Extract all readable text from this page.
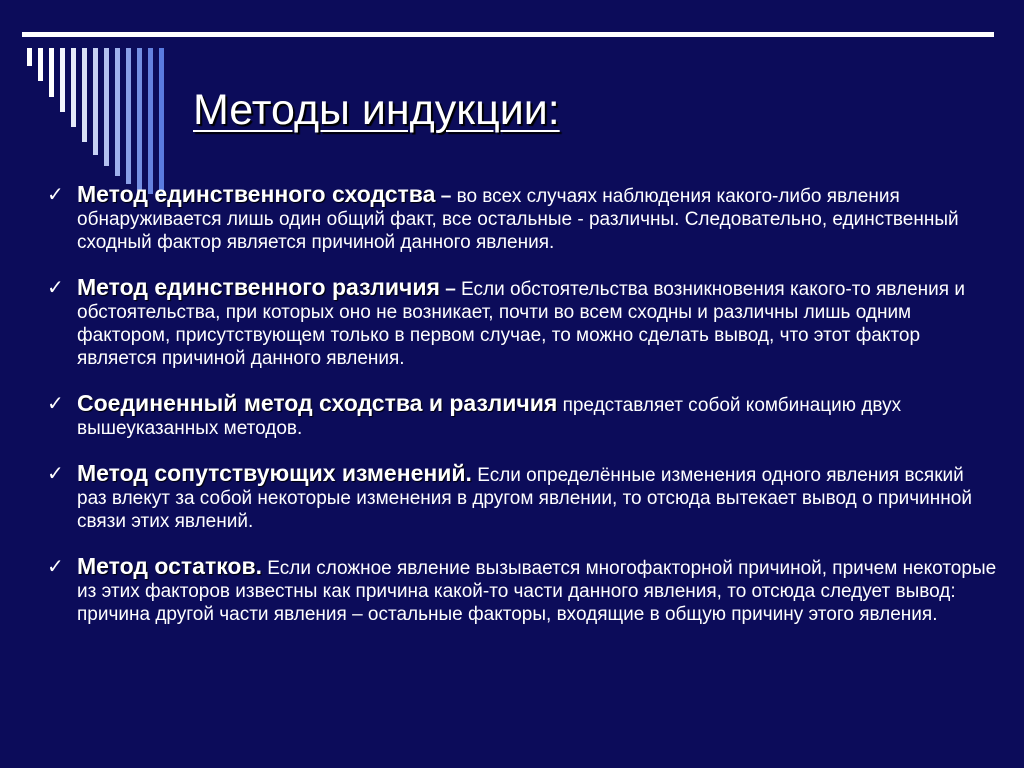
Методы индукции:
✓ Метод единственного сходства – во всех случаях наблюдения какого-либо явления обнаруживается лишь один общий факт, все остальные - различны. Следовательно, единственный сходный фактор является причиной данного явления.
✓ Метод единственного различия – Если обстоятельства возникновения какого-то явления и обстоятельства, при которых оно не возникает, почти во всем сходны и различны лишь одним фактором, присутствующем только в первом случае, то можно сделать вывод, что этот фактор является причиной данного явления.
✓ Соединенный метод сходства и различия представляет собой комбинацию двух вышеуказанных методов.
✓ Метод сопутствующих изменений. Если определённые изменения одного явления всякий раз влекут за собой некоторые изменения в другом явлении, то отсюда вытекает вывод о причинной связи этих явлений.
✓ Метод остатков. Если сложное явление вызывается многофакторной причиной, причем некоторые из этих факторов известны как причина какой-то части данного явления, то отсюда следует вывод: причина другой части явления – остальные факторы, входящие в общую причину этого явления.
